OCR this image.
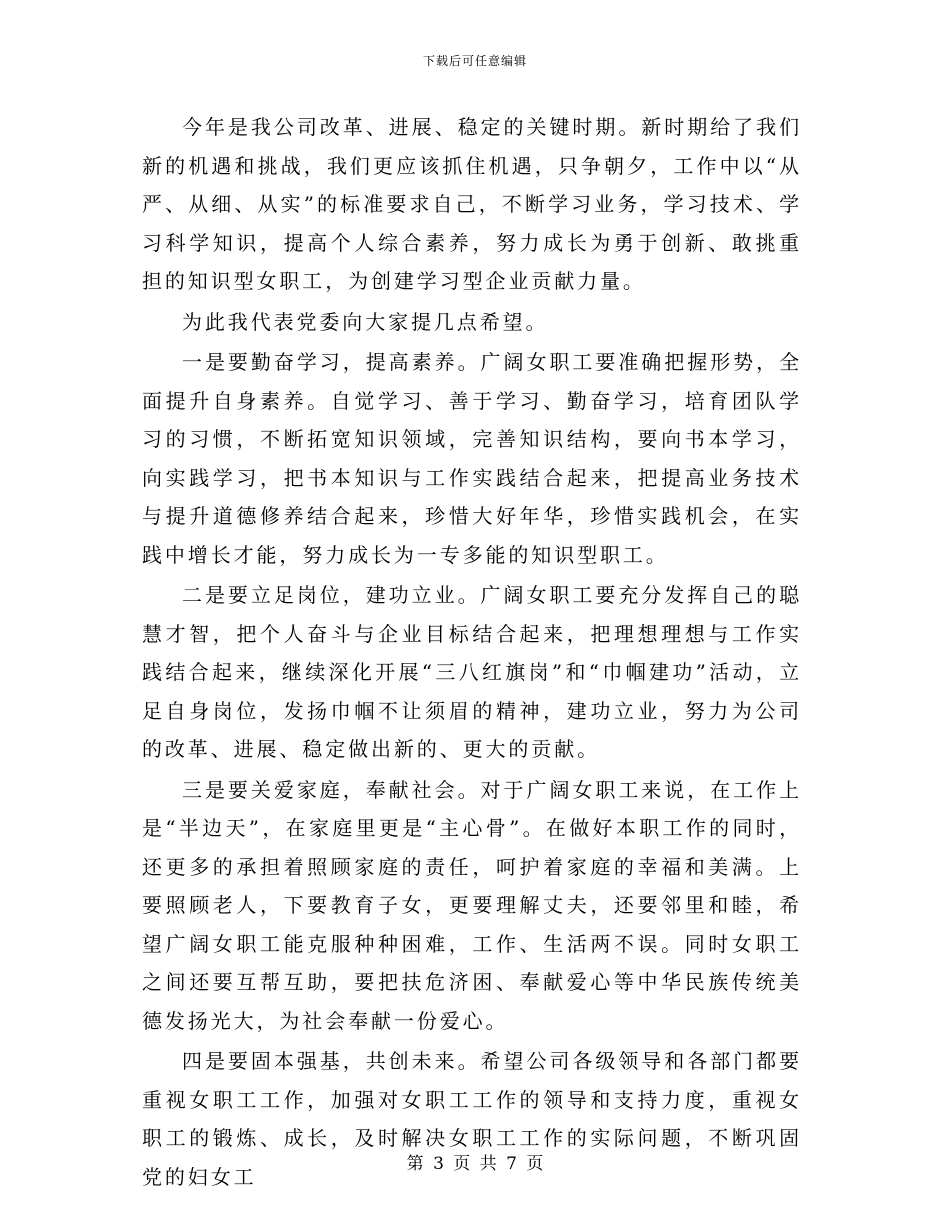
下载后可任意编辑

今年是我公司改革、进展、稳定的关键时期。新时期给了我们新的机遇和挑战，我们更应该抓住机遇，只争朝夕，工作中以“从严、从细、从实”的标准要求自己，不断学习业务，学习技术、学习科学知识，提高个人综合素养，努力成长为勇于创新、敢挑重担的知识型女职工，为创建学习型企业贡献力量。

为此我代表党委向大家提几点希望。

一是要勤奋学习，提高素养。广阔女职工要准确把握形势，全面提升自身素养。自觉学习、善于学习、勤奋学习，培育团队学习的习惯，不断拓宽知识领域，完善知识结构，要向书本学习，向实践学习，把书本知识与工作实践结合起来，把提高业务技术与提升道德修养结合起来，珍惜大好年华，珍惜实践机会，在实践中增长才能，努力成长为一专多能的知识型职工。

二是要立足岗位，建功立业。广阔女职工要充分发挥自己的聪慧才智，把个人奋斗与企业目标结合起来，把理想理想与工作实践结合起来，继续深化开展“三八红旗岗”和“巾帼建功”活动，立足自身岗位，发扬巾帼不让须眉的精神，建功立业，努力为公司的改革、进展、稳定做出新的、更大的贡献。

三是要关爱家庭，奉献社会。对于广阔女职工来说，在工作上是“半边天”，在家庭里更是“主心骨”。在做好本职工作的同时，还更多的承担着照顾家庭的责任，呵护着家庭的幸福和美满。上要照顾老人，下要教育子女，更要理解丈夫，还要邻里和睦，希望广阔女职工能克服种种困难，工作、生活两不误。同时女职工之间还要互帮互助，要把扶危济困、奉献爱心等中华民族传统美德发扬光大，为社会奉献一份爱心。

四是要固本强基，共创未来。希望公司各级领导和各部门都要重视女职工工作，加强对女职工工作的领导和支持力度，重视女职工的锻炼、成长，及时解决女职工工作的实际问题，不断巩固党的妇女工

第 3 页 共 7 页
